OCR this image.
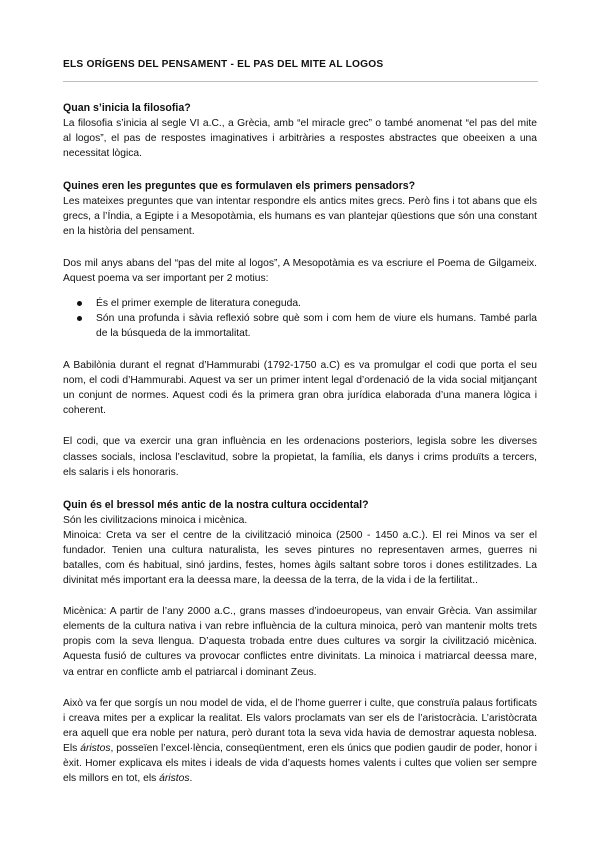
ELS ORÍGENS DEL PENSAMENT - EL PAS DEL MITE AL LOGOS
Quan s’inicia la filosofia?

La filosofia s’inicia al segle VI a.C., a Grècia, amb “el miracle grec” o també anomenat “el pas del mite al logos”, el pas de respostes imaginatives i arbitràries a respostes abstractes que obeeixen a una necessitat lògica.

Quines eren les preguntes que es formulaven els primers pensadors?

Les mateixes preguntes que van intentar respondre els antics mites grecs. Però fins i tot abans que els grecs, a l’Índia, a Egipte i a Mesopotàmia, els humans es van plantejar qüestions que són una constant en la història del pensament.

Dos mil anys abans del “pas del mite al logos”, A Mesopotàmia es va escriure el Poema de Gilgameix. Aquest poema va ser important per 2 motius:

És el primer exemple de literatura coneguda.
Són una profunda i sàvia reflexió sobre què som i com hem de viure els humans. També parla de la búsqueda de la immortalitat.

A Babilònia durant el regnat d’Hammurabi (1792-1750 a.C) es va promulgar el codi que porta el seu nom, el codi d’Hammurabi. Aquest va ser un primer intent legal d’ordenació de la vida social mitjançant un conjunt de normes. Aquest codi és la primera gran obra jurídica elaborada d’una manera lògica i coherent.

El codi, que va exercir una gran influència en les ordenacions posteriors, legisla sobre les diverses classes socials, inclosa l’esclavitud, sobre la propietat, la família, els danys i crims produïts a tercers, els salaris i els honoraris.

Quin és el bressol més antic de la nostra cultura occidental?

Són les civilitzacions minoica i micènica.

Minoica: Creta va ser el centre de la civilització minoica (2500 - 1450 a.C.). El rei Minos va ser el fundador. Tenien una cultura naturalista, les seves pintures no representaven armes, guerres ni batalles, com és habitual, sinó jardins, festes, homes àgils saltant sobre toros i dones estilitzades. La divinitat més important era la deessa mare, la deessa de la terra, de la vida i de la fertilitat..

Micènica: A partir de l’any 2000 a.C., grans masses d’indoeuropeus, van envair Grècia. Van assimilar elements de la cultura nativa i van rebre influència de la cultura minoica, però van mantenir molts trets propis com la seva llengua. D’aquesta trobada entre dues cultures va sorgir la civilització micènica. Aquesta fusió de cultures va provocar conflictes entre divinitats. La minoica i matriarcal deessa mare, va entrar en conflicte amb el patriarcal i dominant Zeus.

Això va fer que sorgís un nou model de vida, el de l’home guerrer i culte, que construïa palaus fortificats i creava mites per a explicar la realitat. Els valors proclamats van ser els de l’aristocràcia. L’aristòcrata era aquell que era noble per natura, però durant tota la seva vida havia de demostrar aquesta noblesa. Els áristos, posseïen l’excel·lència, conseqüentment, eren els únics que podien gaudir de poder, honor i èxit. Homer explicava els mites i ideals de vida d’aquests homes valents i cultes que volien ser sempre els millors en tot, els áristos.
